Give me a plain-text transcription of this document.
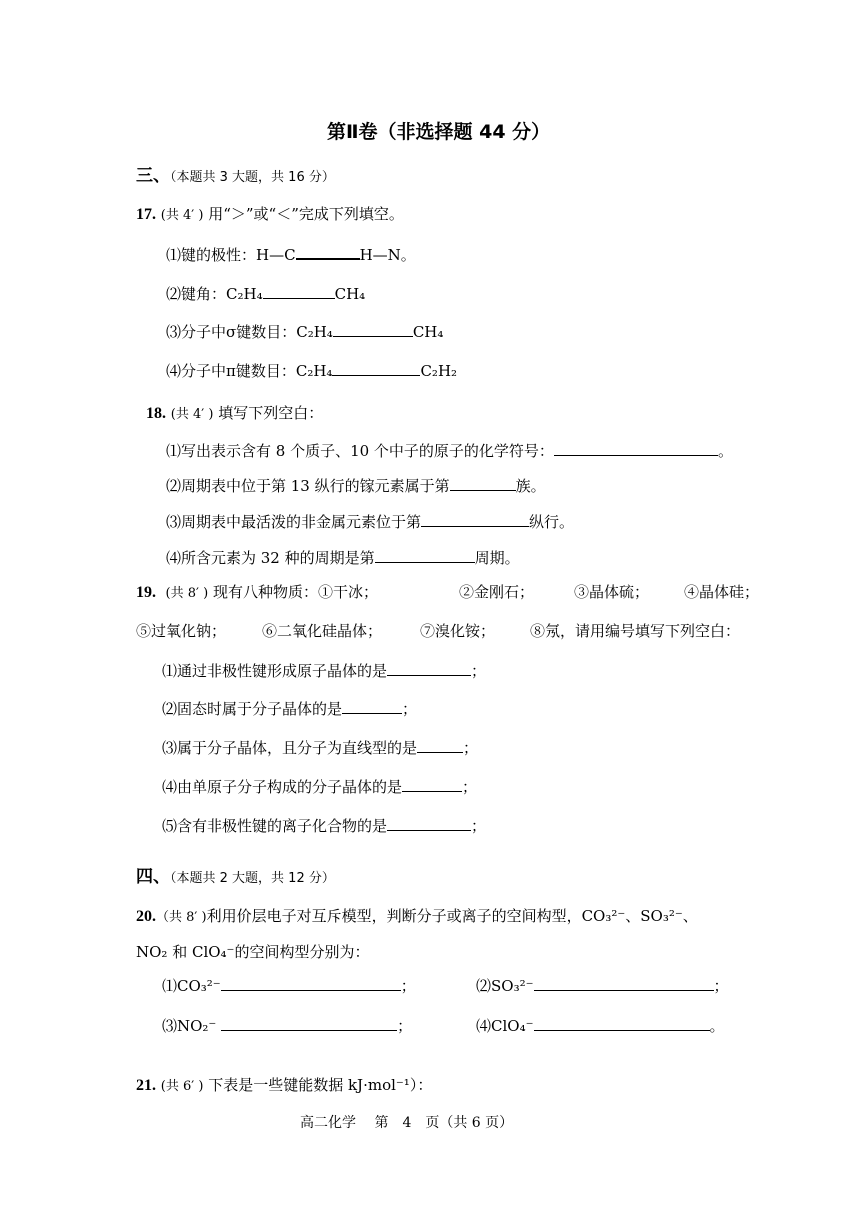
第Ⅱ卷（非选择题 44 分）
三、（本题共 3 大题，共 16 分）
17. (共 4′ ) 用“＞”或“＜”完成下列填空。
⑴键的极性：H—C	H—N。
⑵键角：C₂H₄	CH₄
⑶分子中σ键数目：C₂H₄	CH₄
⑷分子中π键数目：C₂H₄	C₂H₂
18. (共 4′ ) 填写下列空白：
⑴写出表示含有 8 个质子、10 个中子的原子的化学符号：	。
⑵周期表中位于第 13 纵行的镓元素属于第	族。
⑶周期表中最活泼的非金属元素位于第	纵行。
⑷所含元素为 32 种的周期是第	周期。
19. (共 8′ ) 现有八种物质：①干冰；	②金刚石；	③晶体硫； ④晶体硅；
⑤过氧化钠； ⑥二氧化硅晶体；	⑦溴化铵； ⑧氖，请用编号填写下列空白：
⑴通过非极性键形成原子晶体的是	；
⑵固态时属于分子晶体的是	；
⑶属于分子晶体，且分子为直线型的是	；
⑷由单原子分子构成的分子晶体的是	；
⑸含有非极性键的离子化合物的是	；
四、（本题共 2 大题，共 12 分）
20.（共 8′ )利用价层电子对互斥模型，判断分子或离子的空间构型，CO₃²⁻、SO₃²⁻、
NO₂ 和 ClO₄⁻的空间构型分别为：
⑴CO₃²⁻	；	⑵SO₃²⁻	；
⑶NO₂⁻	；	⑷ClO₄⁻	。
21. (共 6′ ) 下表是一些键能数据 kJ·mol⁻¹）：
高二化学　 第　4　页（共 6 页）
